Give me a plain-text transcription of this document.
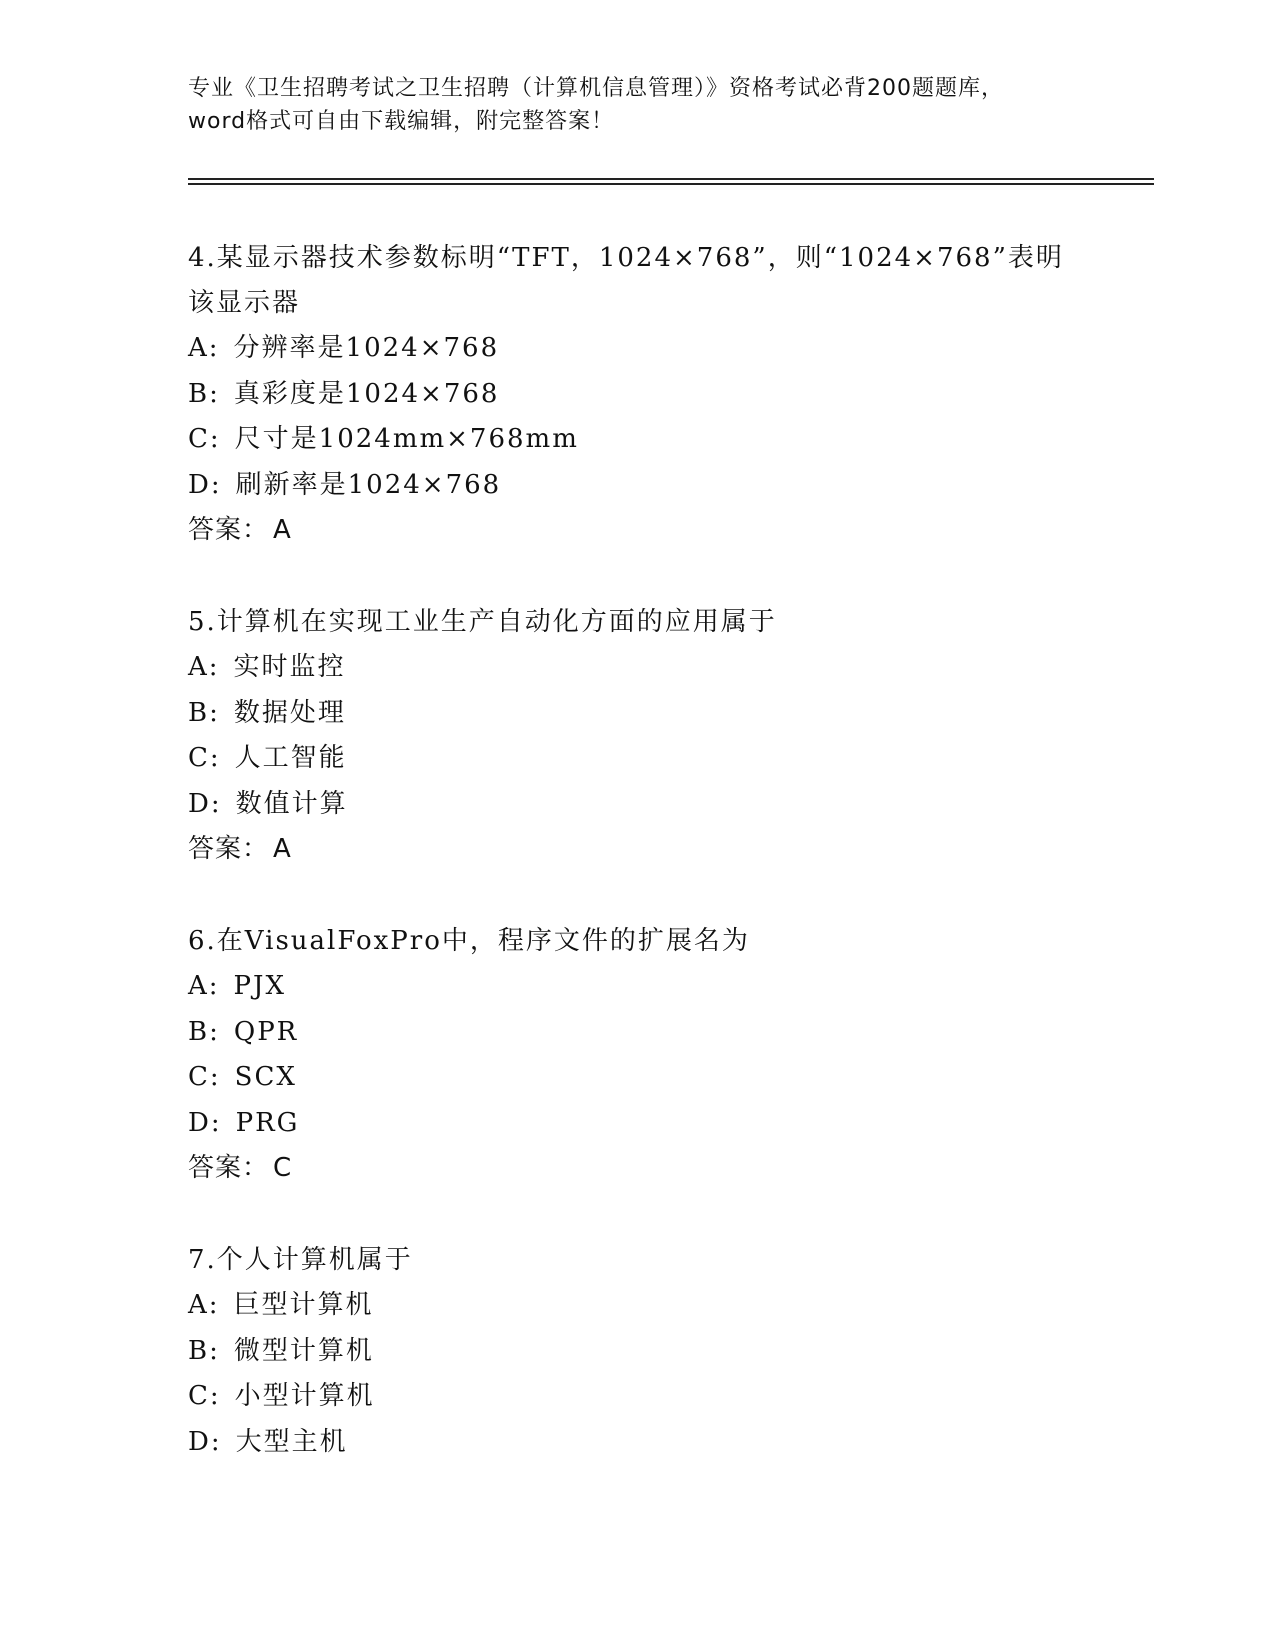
专业《卫生招聘考试之卫生招聘（计算机信息管理）》资格考试必背200题题库，
word格式可自由下载编辑，附完整答案！
4.某显示器技术参数标明“TFT，1024×768”，则“1024×768”表明
该显示器
A: 分辨率是1024×768
B: 真彩度是1024×768
C: 尺寸是1024mm×768mm
D: 刷新率是1024×768
答案： A
5.计算机在实现工业生产自动化方面的应用属于
A: 实时监控
B: 数据处理
C: 人工智能
D: 数值计算
答案： A
6.在VisualFoxPro中，程序文件的扩展名为
A: PJX
B: QPR
C: SCX
D: PRG
答案： C
7.个人计算机属于
A: 巨型计算机
B: 微型计算机
C: 小型计算机
D: 大型主机
